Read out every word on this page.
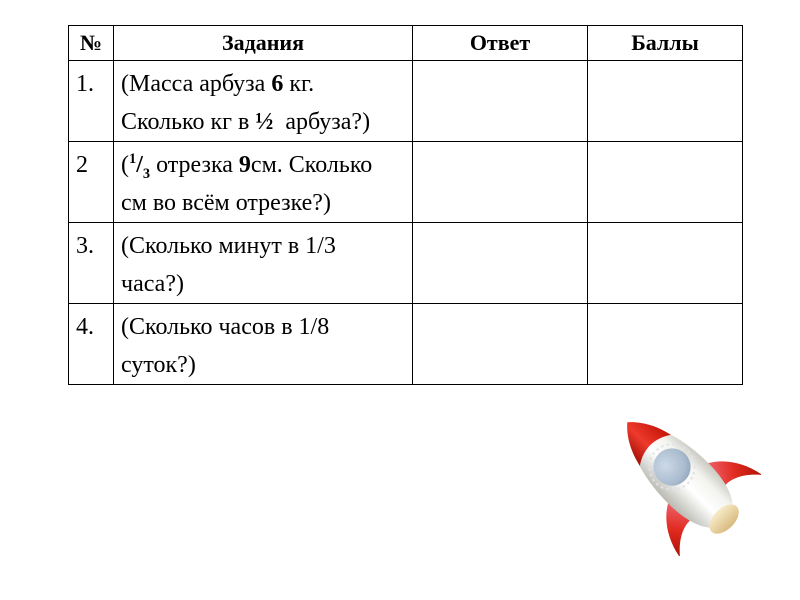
№	Задания	Ответ	Баллы
1.	(Масса арбуза 6 кг.
Сколько кг в ½  арбуза?)		
2	($^1/_3$ отрезка 9см. Сколько
см во всём отрезке?)		
3.	(Сколько минут в 1/3
часа?)		
4.	(Сколько часов в 1/8
суток?)		
